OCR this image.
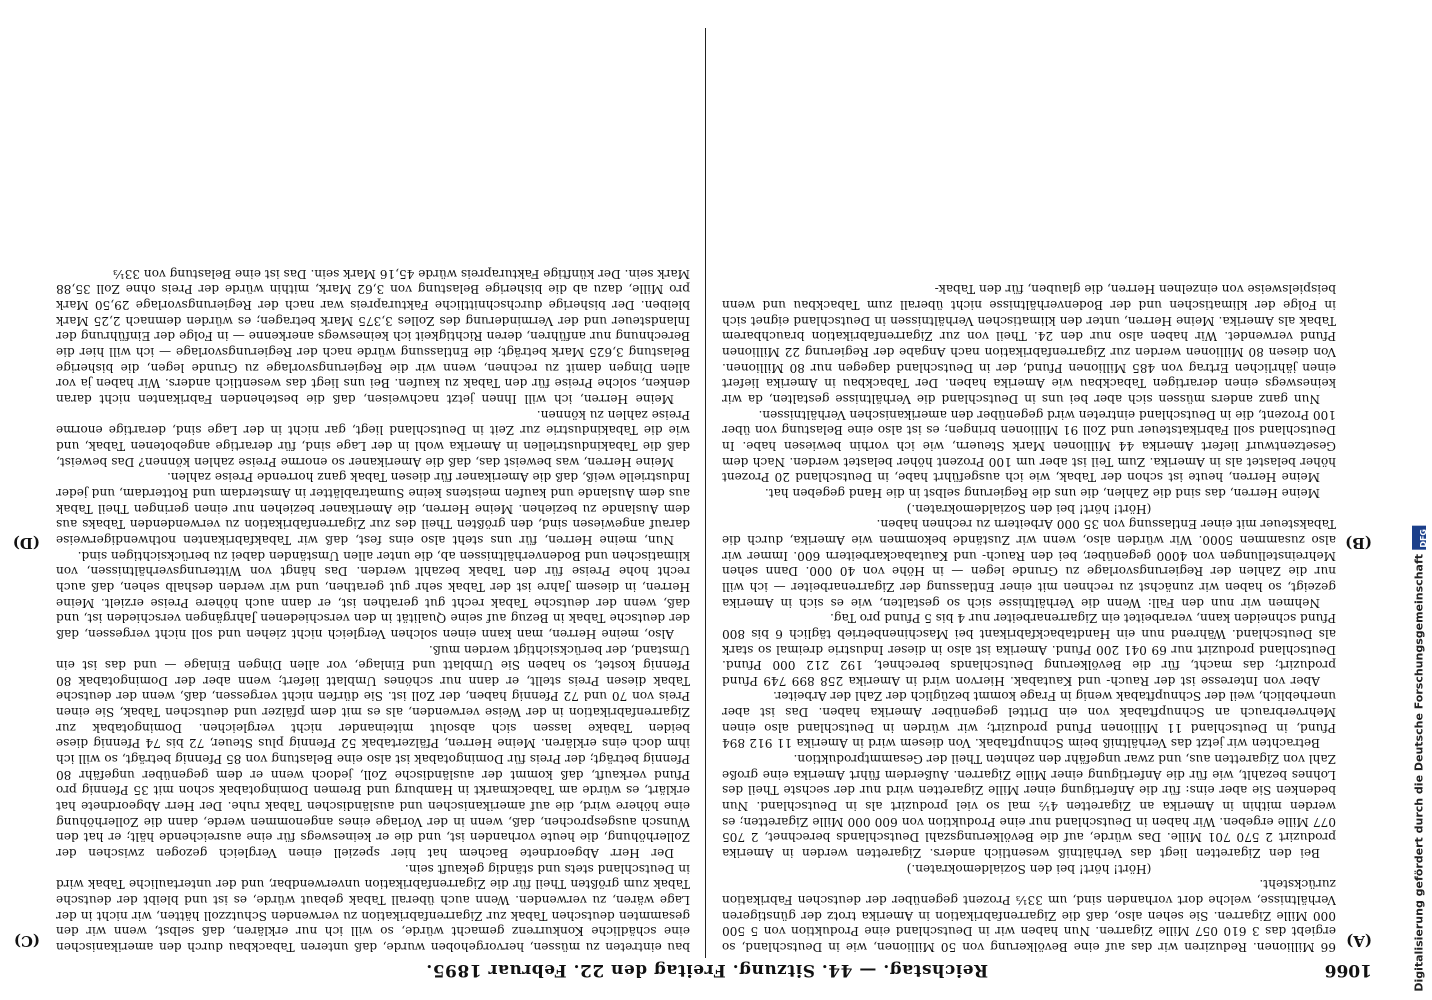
1066
Reichstag. — 44. Sitzung. Freitag den 22. Februar 1895.
(A)
(B)
(C)
(D)

66 Millionen. Reduziren wir das auf eine Bevölkerung von 50 Millionen, wie in Deutschland, so ergiebt das 3 610 057 Mille Zigarren. Nun haben wir in Deutschland eine Produktion von 5 500 000 Mille Zigarren. Sie sehen also, daß die Zigarrenfabrikation in Amerika trotz der günstigeren Verhältnisse, welche dort vorhanden sind, um 33⅓ Prozent gegenüber der deutschen Fabrikation zurücksteht.

(Hört! hört! bei den Sozialdemokraten.)

Bei den Zigaretten liegt das Verhältniß wesentlich anders. Zigaretten werden in Amerika produzirt 2 570 701 Mille. Das würde, auf die Bevölkerungszahl Deutschlands berechnet, 2 705 077 Mille ergeben. Wir haben in Deutschland nur eine Produktion von 600 000 Mille Zigaretten; es werden mithin in Amerika an Zigaretten 4½ mal so viel produzirt als in Deutschland. Nun bedenken Sie aber eins: für die Anfertigung einer Mille Zigaretten wird nur der sechste Theil des Lohnes bezahlt, wie für die Anfertigung einer Mille Zigarren. Außerdem führt Amerika eine große Zahl von Zigaretten aus, und zwar ungefähr den zehnten Theil der Gesammtproduktion.

Betrachten wir jetzt das Verhältniß beim Schnupftabak. Von diesem wird in Amerika 11 912 894 Pfund, in Deutschland 11 Millionen Pfund produzirt; wir würden in Deutschland also einen Mehrverbrauch an Schnupftabak von ein Drittel gegenüber Amerika haben. Das ist aber unerheblich, weil der Schnupftabak wenig in Frage kommt bezüglich der Zahl der Arbeiter.

Aber von Interesse ist der Rauch- und Kautabak. Hiervon wird in Amerika 258 899 749 Pfund produzirt; das macht, für die Bevölkerung Deutschlands berechnet, 192 212 000 Pfund. Deutschland produzirt nur 69 041 200 Pfund. Amerika ist also in dieser Industrie dreimal so stark als Deutschland. Während nun ein Handtabackfabrikant bei Maschinenbetrieb täglich 6 bis 800 Pfund schneiden kann, verarbeitet ein Zigarrenarbeiter nur 4 bis 5 Pfund pro Tag.

Nehmen wir nun den Fall: Wenn die Verhältnisse sich so gestalten, wie es sich in Amerika gezeigt, so haben wir zunächst zu rechnen mit einer Entlassung der Zigarrenarbeiter — ich will nur die Zahlen der Regierungsvorlage zu Grunde legen — in Höhe von 40 000. Dann sehen Mehreinstellungen von 4000 gegenüber, bei den Rauch- und Kautabackarbeitern 600. Immer wir also zusammen 5000. Wir würden also, wenn wir Zustände bekommen wie Amerika, durch die Tabaksteuer mit einer Entlassung von 35 000 Arbeitern zu rechnen haben.

(Hört! hört! bei den Sozialdemokraten.)

Meine Herren, das sind die Zahlen, die uns die Regierung selbst in die Hand gegeben hat.

Meine Herren, heute ist schon der Tabak, wie ich ausgeführt habe, in Deutschland 20 Prozent höher belastet als in Amerika. Zum Teil ist aber um 100 Prozent höher belastet werden. Nach dem Gesetzentwurf liefert Amerika 44 Millionen Mark Steuern, wie ich vorhin bewiesen habe. In Deutschland soll Fabrikatsteuer und Zoll 91 Millionen bringen; es ist also eine Belastung von über 100 Prozent, die in Deutschland eintreten wird gegenüber den amerikanischen Verhältnissen.

Nun ganz anders müssen sich aber bei uns in Deutschland die Verhältnisse gestalten, da wir keineswegs einen derartigen Tabackbau wie Amerika haben. Der Tabackbau in Amerika liefert einen jährlichen Ertrag von 485 Millionen Pfund, der in Deutschland dagegen nur 80 Millionen. Von diesen 80 Millionen werden zur Zigarrenfabrikation nach Angabe der Regierung 22 Millionen Pfund verwendet. Wir haben also nur den 24. Theil von zur Zigarrenfabrikation brauchbarem Tabak als Amerika. Meine Herren, unter den klimatischen Verhältnissen in Deutschland eignet sich in Folge der klimatischen und der Bodenverhältnisse nicht überall zum Tabackbau und wenn beispielsweise von einzelnen Herren, die glauben, für den Tabak-

bau eintreten zu müssen, hervorgehoben wurde, daß unteren Tabackbau durch den amerikanischen eine schädliche Konkurrenz gemacht würde, so will ich nur erklären, daß selbst, wenn wir den gesammten deutschen Tabak zur Zigarrenfabrikation zu verwenden Schutzzoll hätten, wir nicht in der Lage wären, zu verwenden. Wenn auch überall Tabak gebaut würde, es ist und bleibt der deutsche Tabak zum größten Theil für die Zigarrenfabrikation unverwendbar, und der untertauliche Tabak wird in Deutschland stets und ständig gekauft sein.

Der Herr Abgeordnete Bachem hat hier speziell einen Vergleich gezogen zwischen der Zollerhöhung, die heute vorhanden ist, und die er keineswegs für eine ausreichende hält; er hat den Wunsch ausgesprochen, daß, wenn in der Vorlage eines angenommen werde, dann die Zollerhöhung eine höhere wird, die auf amerikanischen und ausländischen Tabak ruhe. Der Herr Abgeordnete hat erklärt, es würde am Tabackmarkt in Hamburg und Bremen Domingotabak schon mit 35 Pfennig pro Pfund verkauft, daß kommt der ausländische Zoll, jedoch wenn er dem gegenüber ungefähr 80 Pfennig beträgt; der Preis für Domingotabak ist also eine Belastung von 85 Pfennig beträgt, so will ich ihm doch eins erklären. Meine Herren, Pfälzertabak 52 Pfennig plus Steuer, 72 bis 74 Pfennig diese beiden Tabake lassen sich absolut miteinander nicht vergleichen. Domingotabak zur Zigarrenfabrikation in der Weise verwenden, als es mit dem pfälzer und deutschen Tabak, Sie einen Preis von 70 und 72 Pfennig haben, der Zoll ist. Sie dürfen nicht vergessen, daß, wenn der deutsche Tabak diesen Preis stellt, er dann nur schönes Umblatt liefert; wenn aber der Domingotabak 80 Pfennig kostet, so haben Sie Umblatt und Einlage, vor allen Dingen Einlage — und das ist ein Umstand, der berücksichtigt werden muß.

Also, meine Herren, man kann einen solchen Vergleich nicht ziehen und soll nicht vergessen, daß der deutsche Tabak in Bezug auf seine Qualität in den verschiedenen Jahrgängen verschieden ist, und daß, wenn der deutsche Tabak recht gut gerathen ist, er dann auch höhere Preise erzielt. Meine Herren, in diesem Jahre ist der Tabak sehr gut gerathen, und wir werden deshalb sehen, daß auch recht hohe Preise für den Tabak bezahlt werden. Das hängt von Witterungsverhältnissen, von klimatischen und Bodenverhältnissen ab, die unter allen Umständen dabei zu berücksichtigen sind.

Nun, meine Herren, für uns steht also eins fest, daß wir Tabakfabrikanten nothwendigerweise darauf angewiesen sind, den größten Theil des zur Zigarrenfabrikation zu verwendenden Tabaks aus dem Auslande zu beziehen. Meine Herren, die Amerikaner beziehen nur einen geringen Theil Tabak aus dem Auslande und kaufen meistens keine Sumatrablätter in Amsterdam und Rotterdam, und jeder Industrielle weiß, daß die Amerikaner für diesen Tabak ganz horrende Preise zahlen.

Meine Herren, was beweist das, daß die Amerikaner so enorme Preise zahlen können? Das beweist, daß die Tabakindustriellen in Amerika wohl in der Lage sind, für derartige angebotenen Tabak, und wie die Tabakindustrie zur Zeit in Deutschland liegt, gar nicht in der Lage sind, derartige enorme Preise zahlen zu können.

Meine Herren, ich will Ihnen jetzt nachweisen, daß die bestehenden Fabrikanten nicht daran denken, solche Preise für den Tabak zu kaufen. Bei uns liegt das wesentlich anders. Wir haben ja vor allen Dingen damit zu rechnen, wenn wir die Regierungsvorlage zu Grunde legen, die bisherige Belastung 3,625 Mark beträgt; die Entlassung würde nach der Regierungsvorlage — ich will hier die Berechnung nur anführen, deren Richtigkeit ich keineswegs anerkenne — in Folge der Einführung der Inlandsteuer und der Verminderung des Zolles 3,375 Mark betragen; es würden demnach 2,25 Mark bleiben. Der bisherige durchschnittliche Fakturapreis war nach der Regierungsvorlage 29,50 Mark pro Mille, dazu ab die bisherige Belastung von 3,62 Mark, mithin würde der Preis ohne Zoll 35,88 Mark sein. Der künftige Fakturapreis würde 45,16 Mark sein. Das ist eine Belastung von 33⅓

Digitalisierung gefördert durch die Deutsche Forschungsgemeinschaft
DFG
